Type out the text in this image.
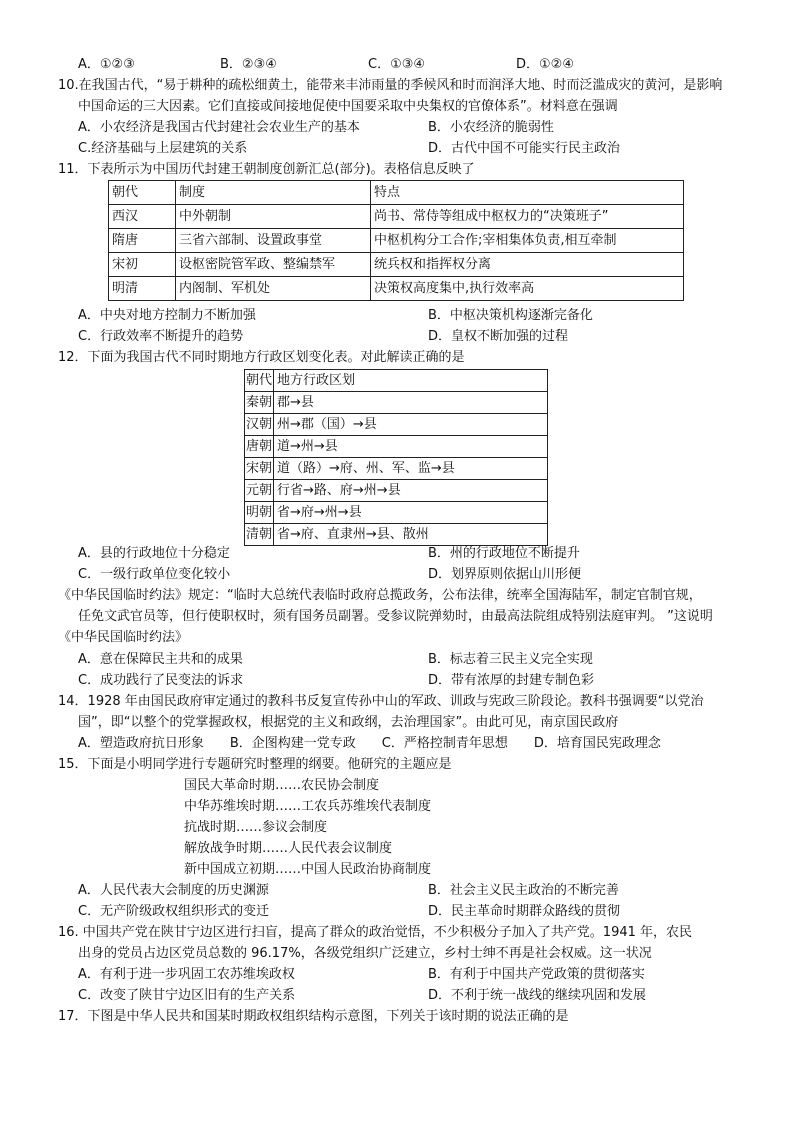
A．①②③	B．②③④	C．①③④	D．①②④
10.在我国古代，“易于耕种的疏松细黄土，能带来丰沛雨量的季候风和时而润泽大地、时而泛滥成灾的黄河，是影响
中国命运的三大因素。它们直接或间接地促使中国要采取中央集权的官僚体系”。材料意在强调
A．小农经济是我国古代封建社会农业生产的基本	B．小农经济的脆弱性
C.经济基础与上层建筑的关系	D．古代中国不可能实行民主政治
11．下表所示为中国历代封建王朝制度创新汇总(部分)。表格信息反映了
朝代	制度	特点
西汉	中外朝制	尚书、常侍等组成中枢权力的“决策班子”
隋唐	三省六部制、设置政事堂	中枢机构分工合作;宰相集体负责,相互牵制
宋初	设枢密院管军政、整编禁军	统兵权和指挥权分离
明清	内阁制、军机处	决策权高度集中,执行效率高
A．中央对地方控制力不断加强	B．中枢决策机构逐渐完备化
C．行政效率不断提升的趋势	D．皇权不断加强的过程
12．下面为我国古代不同时期地方行政区划变化表。对此解读正确的是
朝代	地方行政区划
秦朝	郡→县
汉朝	州→郡（国）→县
唐朝	道→州→县
宋朝	道（路）→府、州、军、监→县
元朝	行省→路、府→州→县
明朝	省→府→州→县
清朝	省→府、直隶州→县、散州
A．县的行政地位十分稳定	B．州的行政地位不断提升
C．一级行政单位变化较小	D．划界原则依据山川形便
《中华民国临时约法》规定：“临时大总统代表临时政府总揽政务，公布法律，统率全国海陆军，制定官制官规，
任免文武官员等，但行使职权时，须有国务员副署。受参议院弹劾时，由最高法院组成特别法庭审判。 ”这说明
《中华民国临时约法》
A．意在保障民主共和的成果	B．标志着三民主义完全实现
C．成功践行了民变法的诉求	D．带有浓厚的封建专制色彩
14．1928 年由国民政府审定通过的教科书反复宣传孙中山的军政、训政与宪政三阶段论。教科书强调要“以党治
国”，即“以整个的党掌握政权，根据党的主义和政纲，去治理国家”。由此可见，南京国民政府
A．塑造政府抗日形象　　B．企图构建一党专政　　C．严格控制青年思想　　D．培育国民宪政理念
15．下面是小明同学进行专题研究时整理的纲要。他研究的主题应是
国民大革命时期……农民协会制度
中华苏维埃时期……工农兵苏维埃代表制度
抗战时期……参议会制度
解放战争时期……人民代表会议制度
新中国成立初期……中国人民政治协商制度
A．人民代表大会制度的历史渊源	B．社会主义民主政治的不断完善
C．无产阶级政权组织形式的变迁	D．民主革命时期群众路线的贯彻
16. 中国共产党在陕甘宁边区进行扫盲，提高了群众的政治觉悟，不少积极分子加入了共产党。1941 年，农民
出身的党员占边区党员总数的 96.17%，各级党组织广泛建立，乡村士绅不再是社会权威。这一状况
A．有利于进一步巩固工农苏维埃政权	B．有利于中国共产党政策的贯彻落实
C．改变了陕甘宁边区旧有的生产关系	D．不利于统一战线的继续巩固和发展
17．下图是中华人民共和国某时期政权组织结构示意图，下列关于该时期的说法正确的是
